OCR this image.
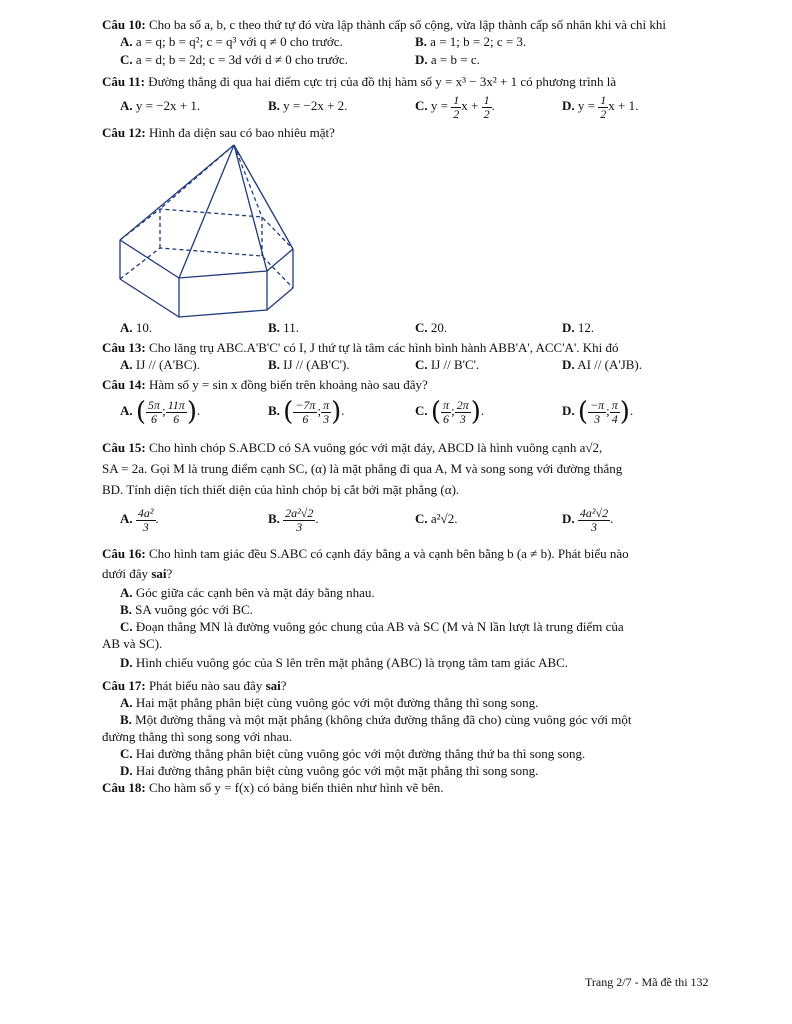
Câu 10: Cho ba số a, b, c theo thứ tự đó vừa lập thành cấp số cộng, vừa lập thành cấp số nhân khi và chỉ khi

A. a = q; b = q²; c = q³ với q ≠ 0 cho trước.	B. a = 1; b = 2; c = 3.
C. a = d; b = 2d; c = 3d với d ≠ 0 cho trước.	D. a = b = c.

Câu 11: Đường thẳng đi qua hai điểm cực trị của đồ thị hàm số y = x³ − 3x² + 1 có phương trình là

A. y = −2x + 1.	B. y = −2x + 2.	C. $y = \frac{1}{2}$ $x + \frac{1}{2}$ .	D. $y = \frac{1}{2}$ x + 1.

Câu 12: Hình đa diện sau có bao nhiêu mặt?

A. 10.	B. 11.	C. 20.	D. 12.

Câu 13: Cho lăng trụ ABC.A'B'C' có I, J thứ tự là tâm các hình bình hành ABB'A', ACC'A'. Khi đó

A. IJ // (A'BC).	B. IJ // (AB'C').	C. IJ // B'C'.	D. AI // (A'JB).

Câu 14: Hàm số y = sin x đồng biến trên khoảng nào sau đây?

A. ( $\frac{5\pi}{6}$ ; $\frac{11\pi}{6}$ ).	B. ( $\frac{-7\pi}{6}$ ; $\frac{\pi}{3}$ ).	C. ( $\frac{\pi}{6}$ ; $\frac{2\pi}{3}$ ).	D. ( $\frac{-\pi}{3}$ ; $\frac{\pi}{4}$ ).

Câu 15: Cho hình chóp S.ABCD có SA vuông góc với mặt đáy, ABCD là hình vuông cạnh a√2,
SA = 2a. Gọi M là trung điểm cạnh SC, (α) là mặt phẳng đi qua A, M và song song với đường thẳng
BD. Tính diện tích thiết diện của hình chóp bị cắt bởi mặt phẳng (α).

A. $\frac{\text{4a²}}{3}$ .	B. $\frac{\text{2a²√2}}{3}$ .	C. a²√2.	D. $\frac{\text{4a²√2}}{3}$ .

Câu 16: Cho hình tam giác đều S.ABC có cạnh đáy bằng a và cạnh bên bằng b (a ≠ b). Phát biểu nào
dưới đây sai?

A. Góc giữa các cạnh bên và mặt đáy bằng nhau.

B. SA vuông góc với BC.

C. Đoạn thẳng MN là đường vuông góc chung của AB và SC (M và N lần lượt là trung điểm của

AB và SC).

D. Hình chiếu vuông góc của S lên trên mặt phẳng (ABC) là trọng tâm tam giác ABC.

Câu 17: Phát biểu nào sau đây sai?

A. Hai mặt phẳng phân biệt cùng vuông góc với một đường thẳng thì song song.

B. Một đường thẳng và một mặt phẳng (không chứa đường thẳng đã cho) cùng vuông góc với một

đường thẳng thì song song với nhau.

C. Hai đường thẳng phân biệt cùng vuông góc với một đường thẳng thứ ba thì song song.

D. Hai đường thẳng phân biệt cùng vuông góc với một mặt phẳng thì song song.

Câu 18: Cho hàm số y = f(x) có bảng biến thiên như hình vẽ bên.

Trang 2/7 - Mã đề thi 132
